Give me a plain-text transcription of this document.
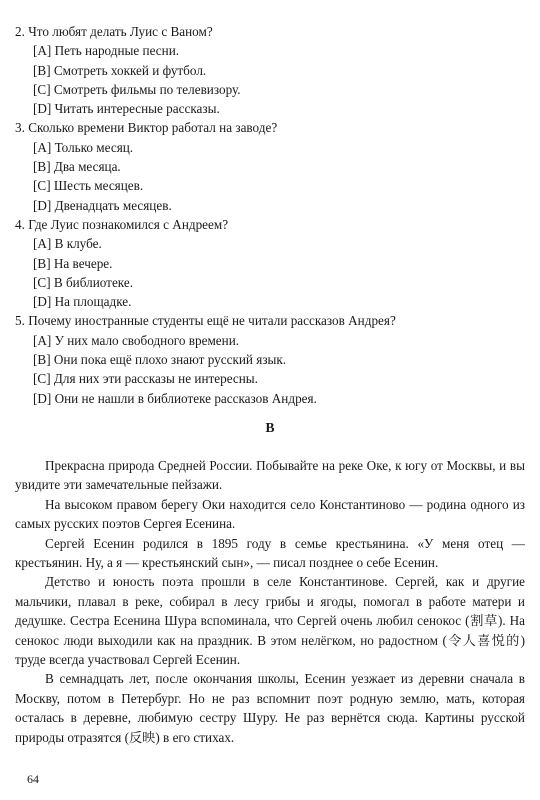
2. Что любят делать Луис с Ваном?
[A] Петь народные песни.
[B] Смотреть хоккей и футбол.
[C] Смотреть фильмы по телевизору.
[D] Читать интересные рассказы.
3. Сколько времени Виктор работал на заводе?
[A] Только месяц.
[B] Два месяца.
[C] Шесть месяцев.
[D] Двенадцать месяцев.
4. Где Луис познакомился с Андреем?
[A] В клубе.
[B] На вечере.
[C] В библиотеке.
[D] На площадке.
5. Почему иностранные студенты ещё не читали рассказов Андрея?
[A] У них мало свободного времени.
[B] Они пока ещё плохо знают русский язык.
[C] Для них эти рассказы не интересны.
[D] Они не нашли в библиотеке рассказов Андрея.
B

Прекрасна природа Средней России. Побывайте на реке Оке, к югу от Москвы, и вы увидите эти замечательные пейзажи.

На высоком правом берегу Оки находится село Константиново — родина одного из самых русских поэтов Сергея Есенина.

Сергей Есенин родился в 1895 году в семье крестьянина. «У меня отец — крестьянин. Ну, а я — крестьянский сын», — писал позднее о себе Есенин.

Детство и юность поэта прошли в селе Константинове. Сергей, как и другие мальчики, плавал в реке, собирал в лесу грибы и ягоды, помогал в работе матери и дедушке. Сестра Есенина Шура вспоминала, что Сергей очень любил сенокос (割草). На сенокос люди выходили как на праздник. В этом нелёгком, но радостном (令人喜悦的) труде всегда участвовал Сергей Есенин.

В семнадцать лет, после окончания школы, Есенин уезжает из деревни сначала в Москву, потом в Петербург. Но не раз вспомнит поэт родную землю, мать, которая осталась в деревне, любимую сестру Шуру. Не раз вернётся сюда. Картины русской природы отразятся (反映) в его стихах.

64
